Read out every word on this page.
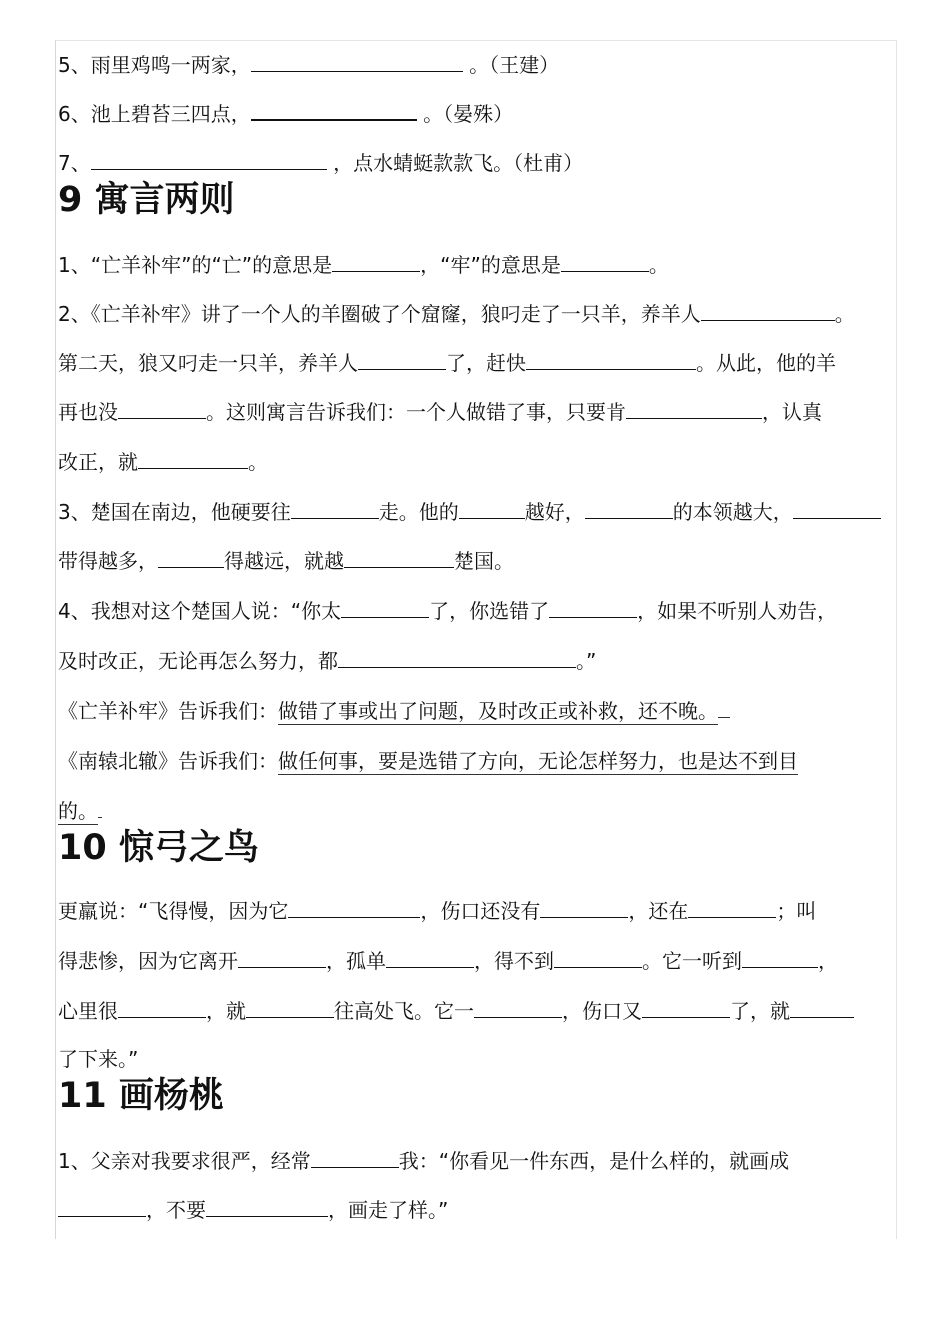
5、雨里鸡鸣一两家，	。（王建）
6、池上碧苔三四点，	。（晏殊）
7、	，点水蜻蜓款款飞。（杜甫）
9 寓言两则
1、“亡羊补牢”的“亡”的意思是	，“牢”的意思是	。
2、《亡羊补牢》讲了一个人的羊圈破了个窟窿，狼叼走了一只羊，养羊人	。
第二天，狼又叼走一只羊，养羊人	了，赶快	。从此，他的羊
再也没	。这则寓言告诉我们：一个人做错了事，只要肯	，认真
改正，就	。
3、楚国在南边，他硬要往	走。他的	越好，	的本领越大，
带得越多，	得越远，就越	楚国。
4、我想对这个楚国人说：“你太	了，你选错了	，如果不听别人劝告，
及时改正，无论再怎么努力，都	。”
《亡羊补牢》告诉我们：做错了事或出了问题，及时改正或补救，还不晚。
《南辕北辙》告诉我们：做任何事，要是选错了方向，无论怎样努力，也是达不到目
的。
10 惊弓之鸟
更羸说：“飞得慢，因为它	，伤口还没有	，还在	；叫
得悲惨，因为它离开	，孤单	，得不到	。它一听到	，
心里很	，就	往高处飞。它一	，伤口又	了，就
了下来。”
11 画杨桃
1、父亲对我要求很严，经常	我：“你看见一件东西，是什么样的，就画成
，不要	，画走了样。”
